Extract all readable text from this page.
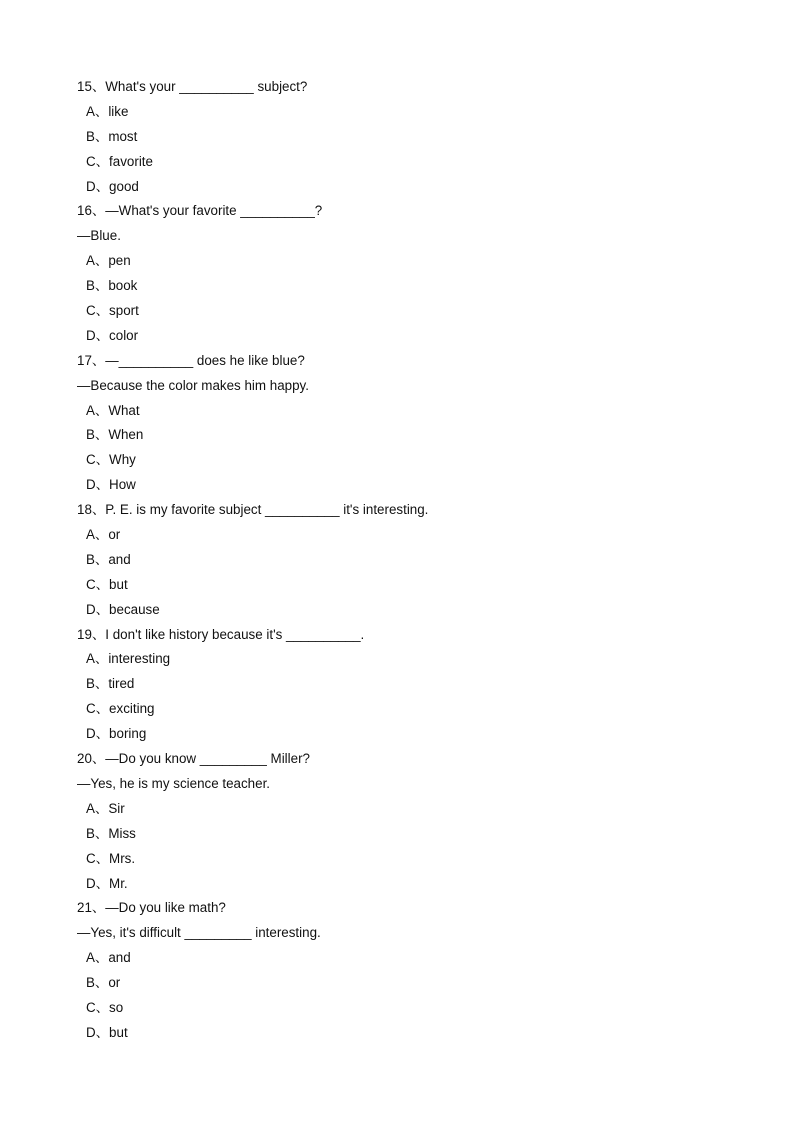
15、What's your __________ subject?
A、like
B、most
C、favorite
D、good
16、—What's your favorite __________?
—Blue.
A、pen
B、book
C、sport
D、color
17、—__________ does he like blue?
—Because the color makes him happy.
A、What
B、When
C、Why
D、How
18、P. E. is my favorite subject __________ it's interesting.
A、or
B、and
C、but
D、because
19、I don't like history because it's __________.
A、interesting
B、tired
C、exciting
D、boring
20、—Do you know _________ Miller?
—Yes, he is my science teacher.
A、Sir
B、Miss
C、Mrs.
D、Mr.
21、—Do you like math?
—Yes, it's difficult _________ interesting.
A、and
B、or
C、so
D、but
